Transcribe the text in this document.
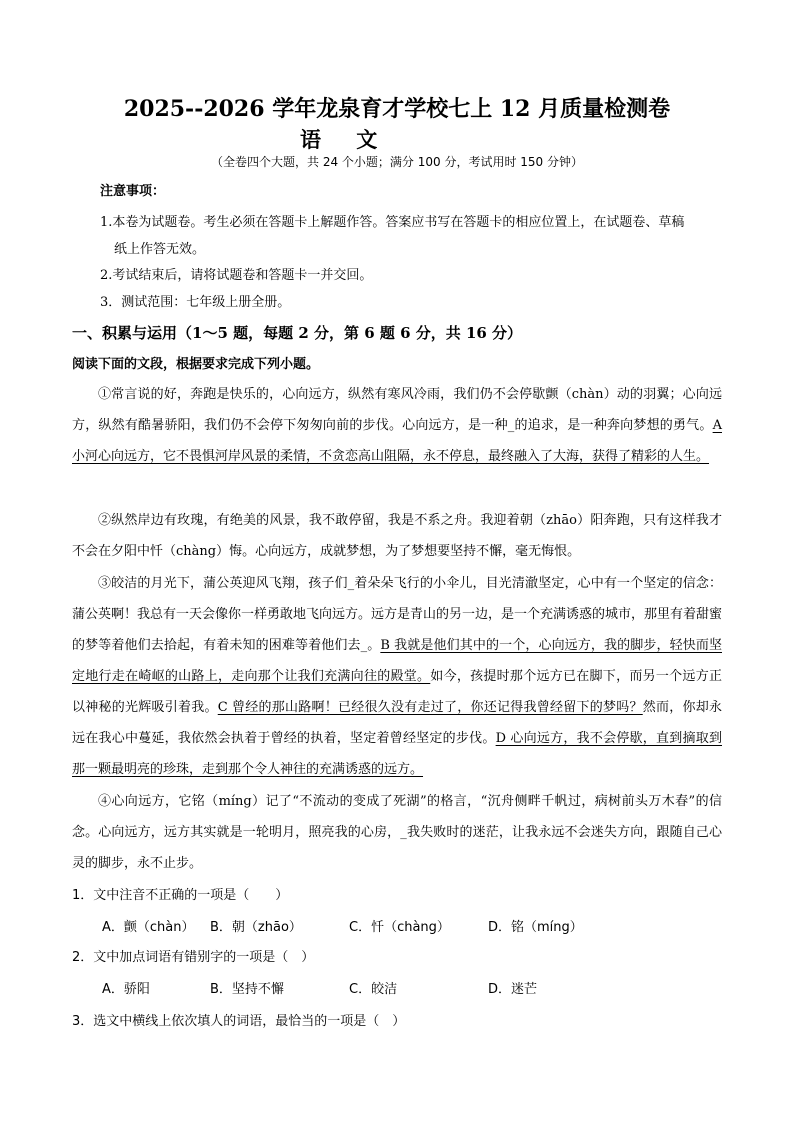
2025--2026 学年龙泉育才学校七上 12 月质量检测卷
语 文
（全卷四个大题，共 24 个小题；满分 100 分，考试用时 150 分钟）
注意事项：
1.本卷为试题卷。考生必须在答题卡上解题作答。答案应书写在答题卡的相应位置上，在试题卷、草稿
纸上作答无效。
2.考试结束后，请将试题卷和答题卡一并交回。
3．测试范围：七年级上册全册。
一、积累与运用（1～5 题，每题 2 分，第 6 题 6 分，共 16 分）
阅读下面的文段，根据要求完成下列小题。
①常言说的好，奔跑是快乐的，心向远方，纵然有寒风冷雨，我们仍不会停歇颤（chàn）动的羽翼；心向远方，纵然有酷暑骄阳，我们仍不会停下匆匆向前的步伐。心向远方，是一种_的追求，是一种奔向梦想的勇气。A 小河心向远方，它不畏惧河岸风景的柔情，不贪恋高山阻隔，永不停息，最终融入了大海，获得了精彩的人生。
②纵然岸边有玫瑰，有绝美的风景，我不敢停留，我是不系之舟。我迎着朝（zhāo）阳奔跑，只有这样我才不会在夕阳中忏（chàng）悔。心向远方，成就梦想，为了梦想要坚持不懈，毫无悔恨。
③皎洁的月光下，蒲公英迎风飞翔，孩子们_着朵朵飞行的小伞儿，目光清澈坚定，心中有一个坚定的信念：蒲公英啊！我总有一天会像你一样勇敢地飞向远方。远方是青山的另一边，是一个充满诱惑的城市，那里有着甜蜜的梦等着他们去拾起，有着未知的困难等着他们去_。B 我就是他们其中的一个，心向远方，我的脚步，轻快而坚定地行走在崎岖的山路上，走向那个让我们充满向往的殿堂。如今，孩提时那个远方已在脚下，而另一个远方正以神秘的光辉吸引着我。C 曾经的那山路啊！已经很久没有走过了，你还记得我曾经留下的梦吗？然而，你却永远在我心中蔓延，我依然会执着于曾经的执着，坚定着曾经坚定的步伐。D 心向远方，我不会停歇，直到摘取到那一颗最明亮的珍珠，走到那个令人神往的充满诱惑的远方。
④心向远方，它铭（míng）记了“不流动的变成了死湖”的格言，“沉舟侧畔千帆过，病树前头万木春”的信念。心向远方，远方其实就是一轮明月，照亮我的心房，_我失败时的迷茫，让我永远不会迷失方向，跟随自己心灵的脚步，永不止步。
1．文中注音不正确的一项是（　　）
A．颤（chàn） B．朝（zhāo）	C．忏（chàng）	D．铭（míng）
2．文中加点词语有错别字的一项是（　）
A．骄阳	B．坚持不懈	C．皎洁	D．迷芒
3．选文中横线上依次填人的词语，最恰当的一项是（　）
